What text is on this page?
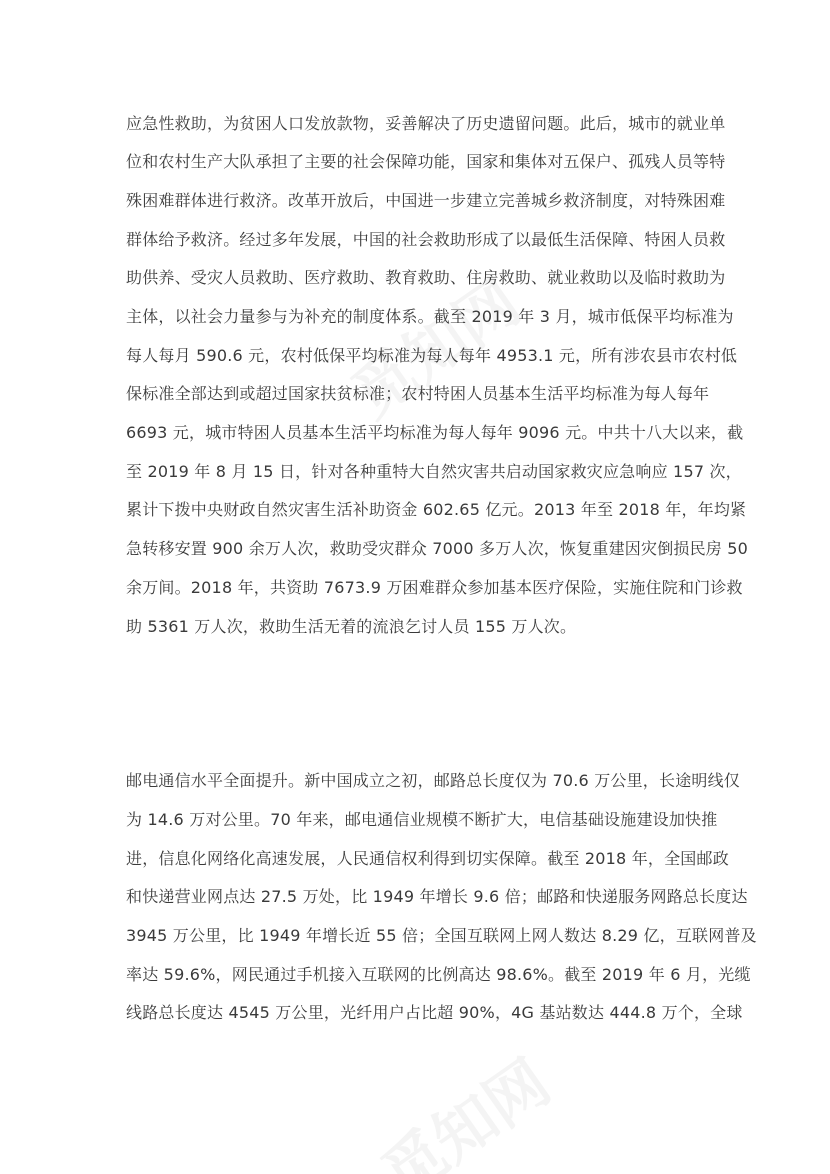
应急性救助，为贫困人口发放款物，妥善解决了历史遗留问题。此后，城市的就业单
位和农村生产大队承担了主要的社会保障功能，国家和集体对五保户、孤残人员等特
殊困难群体进行救济。改革开放后，中国进一步建立完善城乡救济制度，对特殊困难
群体给予救济。经过多年发展，中国的社会救助形成了以最低生活保障、特困人员救
助供养、受灾人员救助、医疗救助、教育救助、住房救助、就业救助以及临时救助为
主体，以社会力量参与为补充的制度体系。截至 2019 年 3 月，城市低保平均标准为
每人每月 590.6 元，农村低保平均标准为每人每年 4953.1 元，所有涉农县市农村低
保标准全部达到或超过国家扶贫标准；农村特困人员基本生活平均标准为每人每年
6693 元，城市特困人员基本生活平均标准为每人每年 9096 元。中共十八大以来，截
至 2019 年 8 月 15 日，针对各种重特大自然灾害共启动国家救灾应急响应 157 次，
累计下拨中央财政自然灾害生活补助资金 602.65 亿元。2013 年至 2018 年，年均紧
急转移安置 900 余万人次，救助受灾群众 7000 多万人次，恢复重建因灾倒损民房 50
余万间。2018 年，共资助 7673.9 万困难群众参加基本医疗保险，实施住院和门诊救
助 5361 万人次，救助生活无着的流浪乞讨人员 155 万人次。
邮电通信水平全面提升。新中国成立之初，邮路总长度仅为 70.6 万公里，长途明线仅
为 14.6 万对公里。70 年来，邮电通信业规模不断扩大，电信基础设施建设加快推
进，信息化网络化高速发展，人民通信权利得到切实保障。截至 2018 年，全国邮政
和快递营业网点达 27.5 万处，比 1949 年增长 9.6 倍；邮路和快递服务网路总长度达
3945 万公里，比 1949 年增长近 55 倍；全国互联网上网人数达 8.29 亿，互联网普及
率达 59.6%，网民通过手机接入互联网的比例高达 98.6%。截至 2019 年 6 月，光缆
线路总长度达 4545 万公里，光纤用户占比超 90%，4G 基站数达 444.8 万个，全球
